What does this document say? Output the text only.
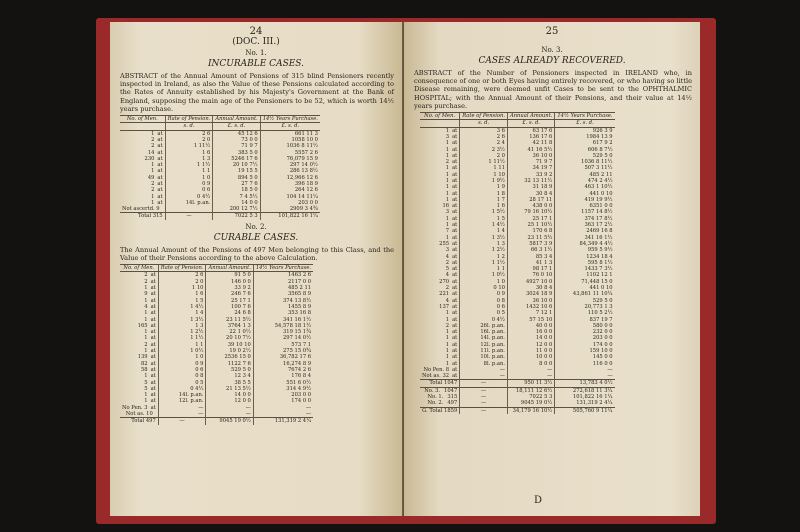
24
(DOC. III.)
No. 1.
INCURABLE CASES.
ABSTRACT of the Annual Amount of Pensions of 315 blind Pensioners recently inspected in Ireland, as also the Value of these Pensions calculated according to the Rates of Annuity established by his Majesty's Government at the Bank of England, supposing the main age of the Pensioners to be 52, which is worth 14½ years purchase.
No. of Men.	Rate of Pension.	Annual Amount.	14½ Years Purchase.
	s. d.	£. s. d.	£. s. d.
1 at	2 6	45 12 6	661 11 3
2 at	2 0	73 0 0	1058 10 0
2 at	1 11½	71 9 7	1036 8 11½
14 at	1 6	383 5 0	5557 2 6
230 at	1 3	5246 17 6	76,079 15 9
1 at	1 1½	20 10 7½	297 14 0½
1 at	1 1	19 15 5	286 13 8½
49 at	1 0	894 5 0	12,966 12 6
2 at	0 9	27 7 6	396 18 9
2 at	0 6	18 5 0	264 12 6
1 at	0 4½	7 4 5½	104 14 11¼
1 at	14l. p.an.	14 0 0	203 0 0
Not ascertd. 9		200 12 7½	2909 3 4¾
Total 315	—	7022 5 3	101,822 16 1¼
No. 2.
CURABLE CASES.
The Annual Amount of the Pensions of 497 Men belonging to this Class, and the Value of their Pensions according to the above Calculation.
No. of Men.	Rate of Pension.	Annual Amount.	14½ Years Purchase.
2 at	2 6	91 5 0	1463 2 6
2 at	2 0	146 0 0	2117 0 0
1 at	1 10	33 9 2	485 2 11
9 at	1 6	246 7 6	3565 8 9
1 at	1 5	25 17 1	374 13 8½
4 at	1 4½	100 7 6	1455 8 9
1 at	1 4	24 6 8	353 16 8
1 at	1 3½	23 11 5½	341 16 1½
165 at	1 3	3764 1 3	54,578 18 1½
1 at	1 2½	22 1 0½	319 15 1¾
1 at	1 1½	20 10 7½	297 14 0½
2 at	1 1	39 10 10	573 7 1
1 at	1 0½	19 0 2½	275 15 0¾
139 at	1 0	2536 15 0	36,782 17 6
82 at	0 9	1122 7 6	16,274 8 9
58 at	0 6	529 5 0	7674 2 6
1 at	0 8	12 3 4	176 8 4
5 at	0 5	38 5 5	551 6 0½
5 at	0 4½	21 13 5½	314 4 9½
1 at	14l. p.an.	14 0 0	203 0 0
1 at	12l. p.an.	12 0 0	174 0 0
No Pen. 3 at	—	—	—
Not as. 10	—	—	—
Total 497	—	9045 19 0½	131,319 2 4¼
25
No. 3.
CASES ALREADY RECOVERED.
ABSTRACT of the Number of Pensioners inspected in IRELAND who, in consequence of one or both Eyes having entirely recovered, or who having so little Disease remaining, were deemed unfit Cases to be sent to the OPHTHALMIC HOSPITAL; with the Annual Amount of their Pensions, and their value at 14½ years purchase.
No. of Men.	Rate of Pension.	Annual Amount.	14½ Years Purchase.
	s. d.	£. s. d.	£. s. d.
1 at	3 6	63 17 6	926 3 9
3 at	2 6	136 17 6	1984 13 9
1 at	2 4	42 11 8	617 9 2
1 at	2 3½	41 16 5½	606 8 7½
1 at	2 0	36 10 0	529 5 0
2 at	1 11½	71 9 7	1036 8 11½
1 at	1 11	34 19 7	507 3 11½
1 at	1 10	33 9 2	485 2 11
1 at	1 9½	32 13 11½	474 2 4½
1 at	1 9	31 18 9	463 1 10½
1 at	1 8	30 8 4	441 0 10
1 at	1 7	28 17 11	419 19 9½
16 at	1 6	438 0 0	6351 0 0
3 at	1 5½	79 16 10½	1157 14 8½
1 at	1 5	25 17 1	374 17 8½
1 at	1 4½	25 1 10½	363 17 2½
7 at	1 4	170 6 8	2469 16 8
1 at	1 3½	23 11 5½	341 16 1½
255 at	1 3	5817 3 9	84,349 4 4½
3 at	1 2½	66 3 1½	959 5 9½
4 at	1 2	85 3 4	1234 18 4
2 at	1 1½	41 1 3	595 8 1½
5 at	1 1	98 17 1	1433 7 3½
4 at	1 0½	76 0 10	1102 12 1
270 at	1 0	4927 10 0	71,448 15 0
2 at	0 10	30 8 4	441 0 10
221 at	0 9	3024 18 9	43,861 11 10¼
4 at	0 8	36 10 0	529 5 0
137 at	0 6	1432 10 6	20,773 1 3
1 at	0 5	7 12 1	110 5 2½
1 at	0 4½	57 15 10	837 19 7
2 at	26l. p.an.	40 0 0	580 0 0
1 at	16l. p.an.	16 0 0	232 0 0
1 at	14l. p.an.	14 0 0	203 0 0
1 at	12l. p.an.	12 0 0	174 0 0
1 at	11l. p.an.	11 0 0	159 10 0
1 at	10l. p.an.	10 0 0	145 0 0
1 at	8l. p.an.	8 0 0	116 0 0
No Pen. 8 at	—	—	—
Not as. 32 at	—	—	—
Total 1047	—	950 11 3½	13,783 4 0½
No. 3. 1047	—	18,111 12 6½	272,618 11 3¼
No. 1. 315	—	7022 5 3	101,822 16 1¼
No. 2. 497	—	9045 19 0½	131,319 2 4¼
G. Total 1859	—	34,179 16 10½	505,760 9 11¼
D
